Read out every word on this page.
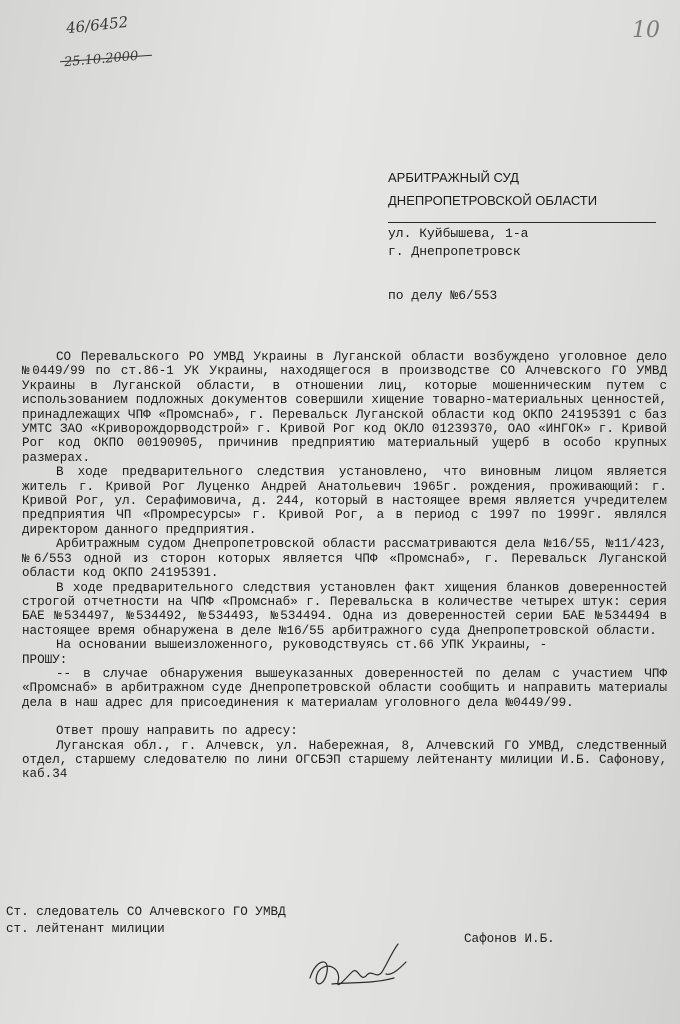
46/6452
25.10.2000
10
АРБИТРАЖНЫЙ СУД
ДНЕПРОПЕТРОВСКОЙ ОБЛАСТИ
ул. Куйбышева, 1-а
г. Днепропетровск
по делу №6/553

СО Перевальского РО УМВД Украины в Луганской области возбуждено уголовное дело №0449/99 по ст.86-1 УК Украины, находящегося в производстве СО Алчевского ГО УМВД Украины в Луганской области, в отношении лиц, которые мошенническим путем с использованием подложных документов совершили хищение товарно-материальных ценностей, принадлежащих ЧПФ «Промснаб», г. Перевальск Луганской области код ОКПО 24195391 с баз УМТС ЗАО «Криворождорводстрой» г. Кривой Рог код ОКЛО 01239370, ОАО «ИНГОК» г. Кривой Рог код ОКПО 00190905, причинив предприятию материальный ущерб в особо крупных размерах.

В ходе предварительного следствия установлено, что виновным лицом является житель г. Кривой Рог Луценко Андрей Анатольевич 1965г. рождения, проживающий: г. Кривой Рог, ул. Серафимовича, д. 244, который в настоящее время является учредителем предприятия ЧП «Промресурсы» г. Кривой Рог, а в период с 1997 по 1999г. являлся директором данного предприятия.

Арбитражным судом Днепропетровской области рассматриваются дела №16/55, №11/423, №6/553 одной из сторон которых является ЧПФ «Промснаб», г. Перевальск Луганской области код ОКПО 24195391.

В ходе предварительного следствия установлен факт хищения бланков доверенностей строгой отчетности на ЧПФ «Промснаб» г. Перевальска в количестве четырех штук: серия БАЕ №534497, №534492, №534493, №534494. Одна из доверенностей серии БАЕ №534494 в настоящее время обнаружена в деле №16/55 арбитражного суда Днепропетровской области.

На основании вышеизложенного, руководствуясь ст.66 УПК Украины, -

ПРОШУ:

-- в случае обнаружения вышеуказанных доверенностей по делам с участием ЧПФ «Промснаб» в арбитражном суде Днепропетровской области сообщить и направить материалы дела в наш адрес для присоединения к материалам уголовного дела №0449/99.

Ответ прошу направить по адресу:

Луганская обл., г. Алчевск, ул. Набережная, 8, Алчевский ГО УМВД, следственный отдел, старшему следователю по лини ОГСБЭП старшему лейтенанту милиции И.Б. Сафонову, каб.34

Ст. следователь СО Алчевского ГО УМВД
ст. лейтенант милиции
Сафонов И.Б.
